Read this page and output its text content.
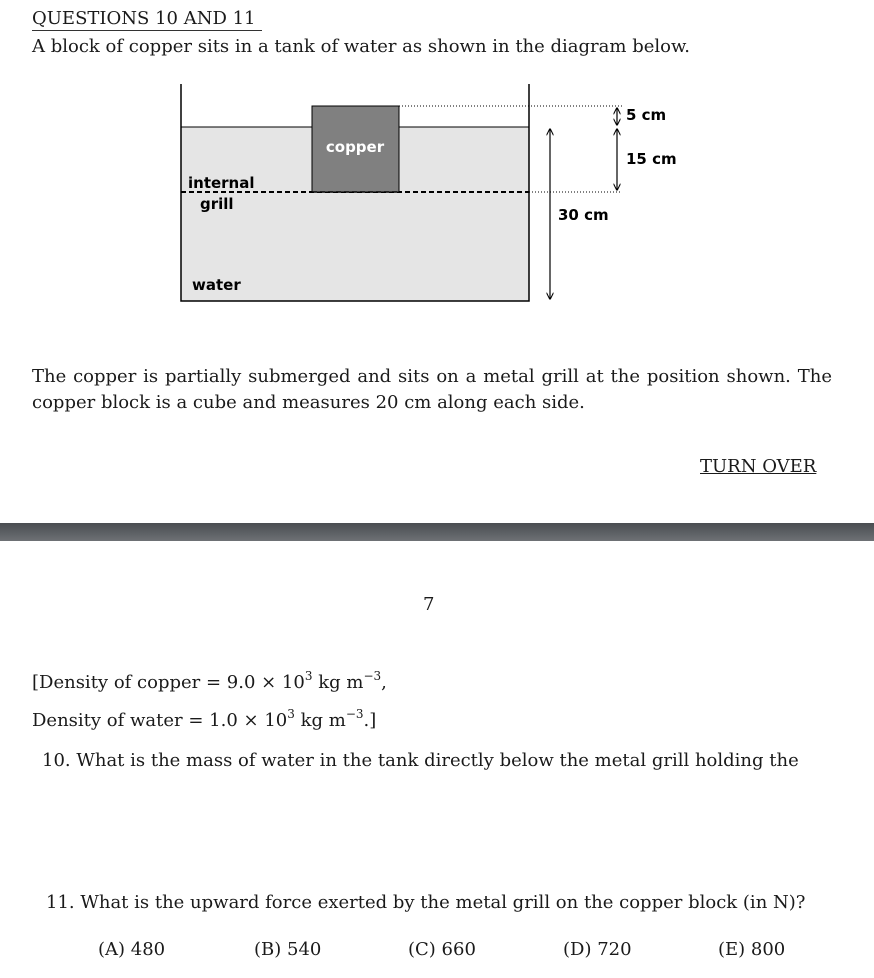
QUESTIONS 10 AND 11
A block of copper sits in a tank of water as shown in the diagram below.
copper
internal
grill
water
5 cm
15 cm
30 cm
The copper is partially submerged and sits on a metal grill at the position shown. The copper block is a cube and measures 20 cm along each side.
TURN OVER
7
[Density of copper = $9.0 \times 10^3$ kg $m^{-3}$,
Density of water = $1.0 \times 10^3$ kg $m^{-3}$.]
10. What is the mass of water in the tank directly below the metal grill holding the
11. What is the upward force exerted by the metal grill on the copper block (in N)?
(A) 480	(B) 540	(C) 660	(D) 720	(E) 800
